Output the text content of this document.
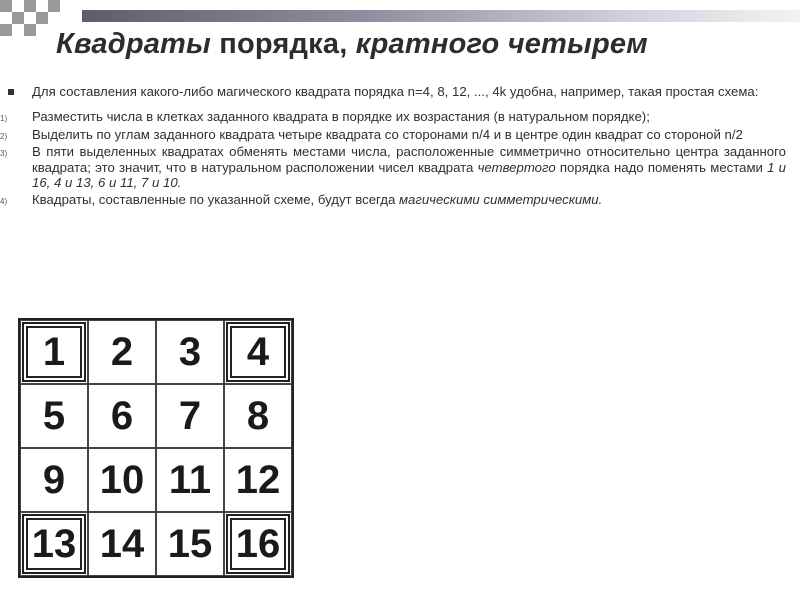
Квадраты порядка, кратного четырем
Для составления какого-либо магического квадрата порядка n=4, 8, 12, ..., 4k удобна, например, такая простая схема:
1)	Разместить числа в клетках заданного квадрата в порядке их возрастания (в натуральном порядке);
2)	Выделить по углам заданного квадрата четыре квадрата со сторонами n/4 и в центре один квадрат со стороной n/2
3)	В пяти выделенных квадратах обменять местами числа, расположенные симметрично относительно центра заданного квадрата; это значит, что в натуральном расположении чисел квадрата четвертого порядка надо поменять местами 1 и 16, 4 и 13, 6 и 11, 7 и 10.
4)	Квадраты, составленные по указанной схеме, будут всегда магическими симметрическими.
1	2	3	4
5	6	7	8
9 10 11 12
13 14 15 16
